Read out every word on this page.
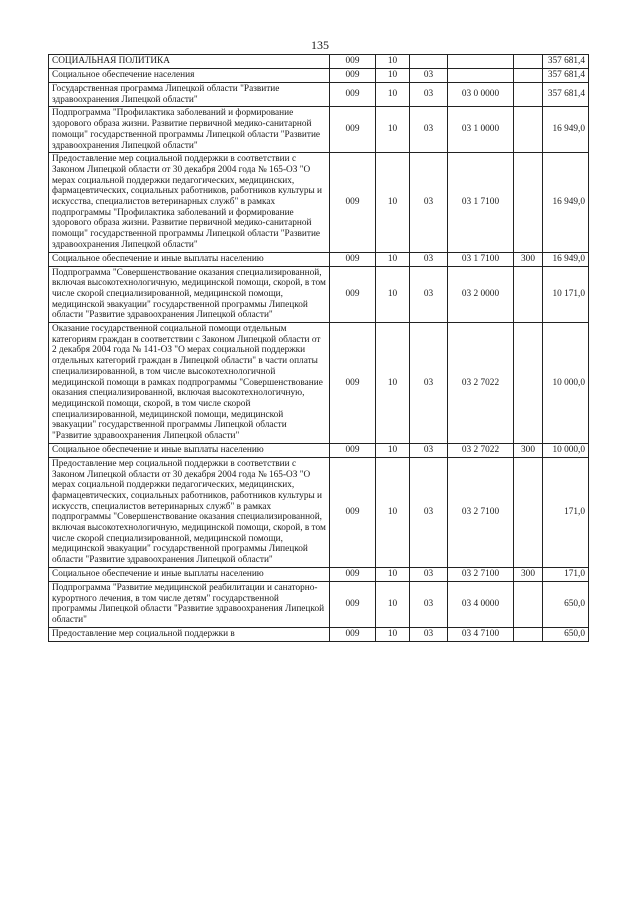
135
СОЦИАЛЬНАЯ ПОЛИТИКА	009	10				357 681,4
Социальное обеспечение населения	009	10	03			357 681,4
Государственная программа Липецкой области "Развитие здравоохранения Липецкой области"	009	10	03	03 0 0000		357 681,4
Подпрограмма "Профилактика заболеваний и формирование здорового образа жизни. Развитие первичной медико-санитарной помощи" государственной программы Липецкой области "Развитие здравоохранения Липецкой области"	009	10	03	03 1 0000		16 949,0
Предоставление мер социальной поддержки в соответствии с Законом Липецкой области от 30 декабря 2004 года № 165-ОЗ "О мерах социальной поддержки педагогических, медицинских, фармацевтических, социальных работников, работников культуры и искусства, специалистов ветеринарных служб" в рамках подпрограммы "Профилактика заболеваний и формирование здорового образа жизни. Развитие первичной медико-санитарной помощи" государственной программы Липецкой области "Развитие здравоохранения Липецкой области"	009	10	03	03 1 7100		16 949,0
Социальное обеспечение и иные выплаты населению	009	10	03	03 1 7100	300	16 949,0
Подпрограмма "Совершенствование оказания специализированной, включая высокотехнологичную, медицинской помощи, скорой, в том числе скорой специализированной, медицинской помощи, медицинской эвакуации" государственной программы Липецкой области "Развитие здравоохранения Липецкой области"	009	10	03	03 2 0000		10 171,0
Оказание государственной социальной помощи отдельным категориям граждан в соответствии с Законом Липецкой области от 2 декабря 2004 года № 141-ОЗ "О мерах социальной поддержки отдельных категорий граждан в Липецкой области" в части оплаты специализированной, в том числе высокотехнологичной медицинской помощи в рамках подпрограммы "Совершенствование оказания специализированной, включая высокотехнологичную, медицинской помощи, скорой, в том числе скорой специализированной, медицинской помощи, медицинской эвакуации" государственной программы Липецкой области "Развитие здравоохранения Липецкой области"	009	10	03	03 2 7022		10 000,0
Социальное обеспечение и иные выплаты населению	009	10	03	03 2 7022	300	10 000,0
Предоставление мер социальной поддержки в соответствии с Законом Липецкой области от 30 декабря 2004 года № 165-ОЗ "О мерах социальной поддержки педагогических, медицинских, фармацевтических, социальных работников, работников культуры и искусств, специалистов ветеринарных служб" в рамках подпрограммы "Совершенствование оказания специализированной, включая высокотехнологичную, медицинской помощи, скорой, в том числе скорой специализированной, медицинской помощи, медицинской эвакуации" государственной программы Липецкой области "Развитие здравоохранения Липецкой области"	009	10	03	03 2 7100		171,0
Социальное обеспечение и иные выплаты населению	009	10	03	03 2 7100	300	171,0
Подпрограмма "Развитие медицинской реабилитации и санаторно-курортного лечения, в том числе детям" государственной программы Липецкой области "Развитие здравоохранения Липецкой области"	009	10	03	03 4 0000		650,0
Предоставление мер социальной поддержки в	009	10	03	03 4 7100		650,0
